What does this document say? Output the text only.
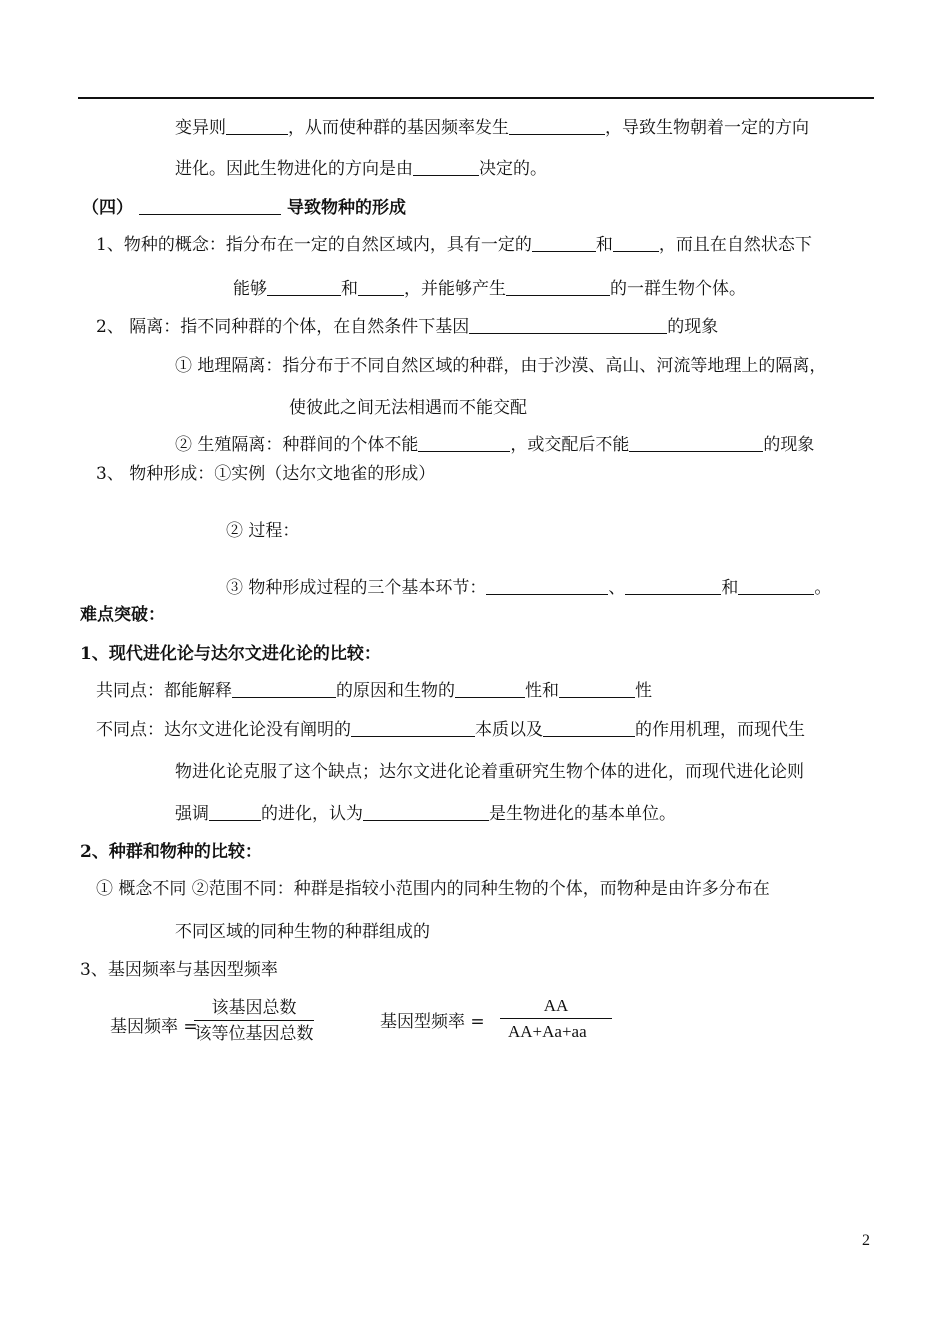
变异则	，从而使种群的基因频率发生	，导致生物朝着一定的方向
进化。因此生物进化的方向是由	决定的。
（四）	导致物种的形成
1、物种的概念：指分布在一定的自然区域内，具有一定的	和	，而且在自然状态下
能够	和	，并能够产生	的一群生物个体。
2、 隔离：指不同种群的个体，在自然条件下基因	的现象
① 地理隔离：指分布于不同自然区域的种群，由于沙漠、高山、河流等地理上的隔离，
使彼此之间无法相遇而不能交配
② 生殖隔离：种群间的个体不能	，或交配后不能	的现象
3、 物种形成：①实例（达尔文地雀的形成）
② 过程：
③ 物种形成过程的三个基本环节：	、	和	。
难点突破：
1、现代进化论与达尔文进化论的比较：
共同点：都能解释	的原因和生物的	性和	性
不同点：达尔文进化论没有阐明的	本质以及	的作用机理，而现代生
物进化论克服了这个缺点；达尔文进化论着重研究生物个体的进化，而现代进化论则
强调	的进化，认为	是生物进化的基本单位。
2、种群和物种的比较：
① 概念不同 ②范围不同：种群是指较小范围内的同种生物的个体，而物种是由许多分布在
不同区域的同种生物的种群组成的
3、基因频率与基因型频率
基因频率 =
该基因总数
该等位基因总数
基因型频率 = $\frac{AA}{AA+Aa+aa}$
2
